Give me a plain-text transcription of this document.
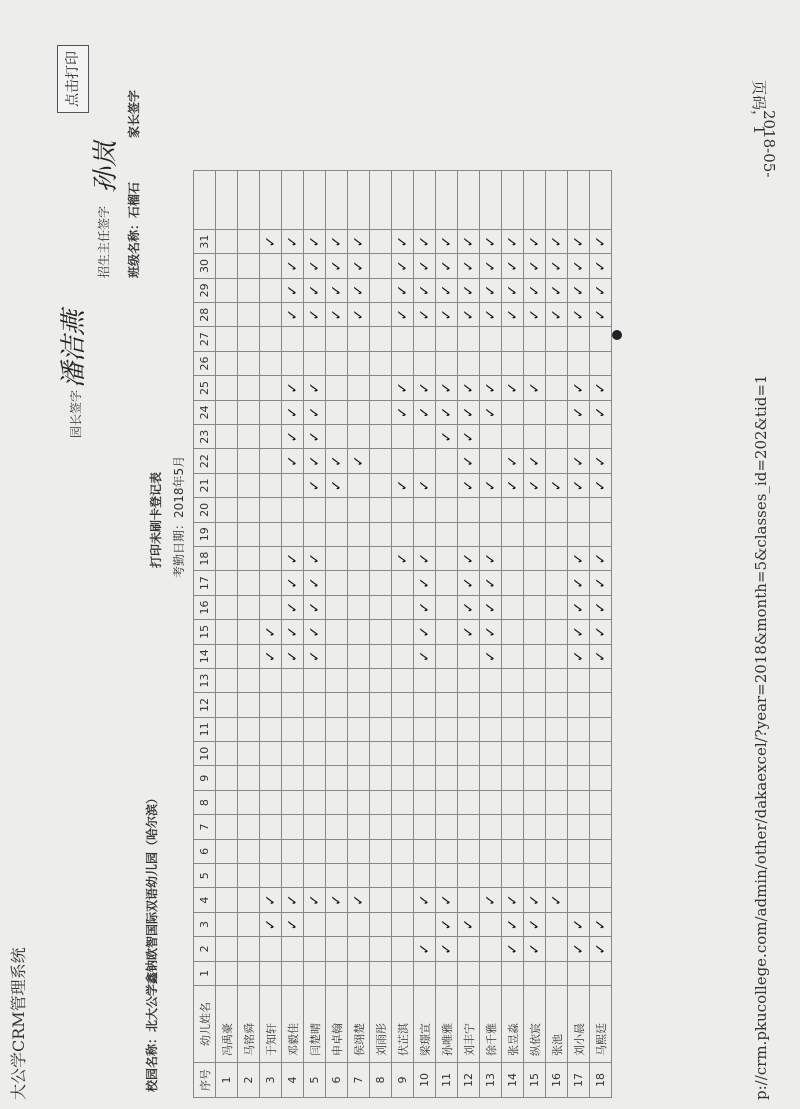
页码，1
大公学CRM管理系统	p://crm.pkucollege.com/admin/other/dakaexcel/?year=2018&month=5&classes_id=202&tid=1
2018-05-
点击打印
园长签字
潘洁燕
招生主任签字
孙岚
校园名称：北大公学鑫钠欧智国际双语幼儿园（哈尔滨）
打印未刷卡登记表 考勤日期：2018年5月
班级名称：石榴石
家长签字
序号	幼儿姓名	1	2	3	4	5	6	7	8	9	10	11	12	13	14	15	16	17	18	19	20	21	22	23	24	25	26	27	28	29	30	31	
1	冯禹豪																																
2	马铭舜																																
3	于知轩			✓	✓										✓	✓																✓	
4	邓毅佳			✓	✓										✓	✓	✓	✓	✓				✓	✓	✓	✓			✓	✓	✓	✓	
5	闫楚晴				✓										✓	✓	✓	✓	✓			✓	✓	✓	✓	✓			✓	✓	✓	✓	
6	申卓翰				✓																	✓	✓						✓	✓	✓	✓	
7	侯翊楚				✓																		✓						✓	✓	✓	✓	
8	刘雨彤																																
9	伏芷淇																		✓			✓			✓	✓			✓	✓	✓	✓	
10	梁璟宣		✓		✓										✓	✓	✓	✓	✓			✓			✓	✓			✓	✓	✓	✓	
11	孙唯雅		✓	✓	✓																			✓	✓	✓			✓	✓	✓	✓	
12	刘丰宁			✓												✓	✓	✓	✓			✓	✓	✓	✓	✓			✓	✓	✓	✓	
13	徐千雅				✓										✓	✓	✓	✓	✓			✓			✓	✓			✓	✓	✓	✓	
14	张昱淼		✓	✓	✓																	✓	✓			✓			✓	✓	✓	✓	
15	纵依宸		✓	✓	✓																	✓	✓			✓			✓	✓	✓	✓	
16	张池				✓																	✓							✓	✓	✓	✓	
17	刘小晨		✓	✓											✓	✓	✓	✓	✓			✓	✓		✓	✓			✓	✓	✓	✓	
18	马熙廷		✓	✓											✓	✓	✓	✓	✓			✓	✓		✓	✓			✓	✓	✓	✓	
